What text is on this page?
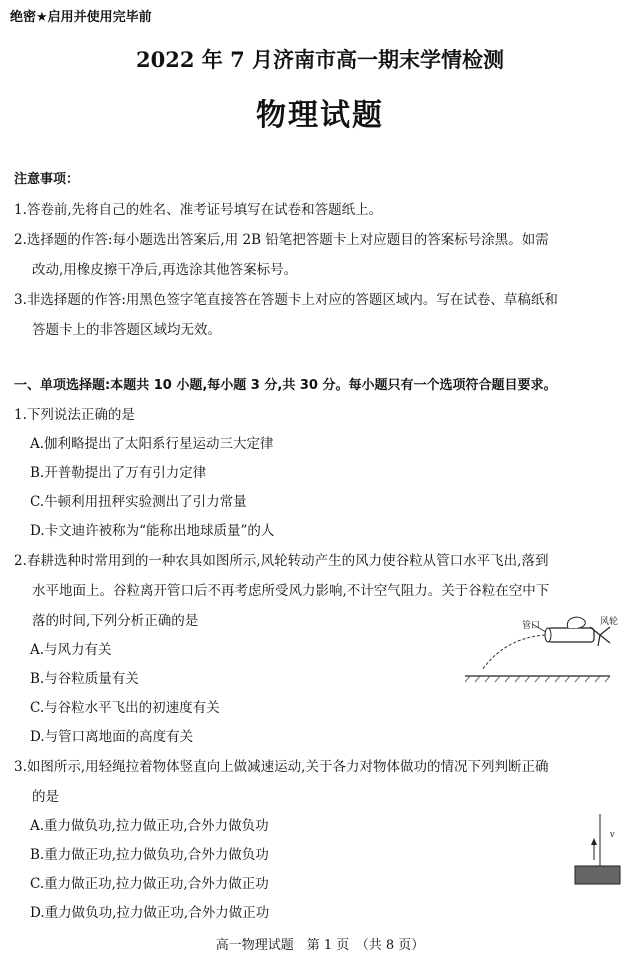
绝密★启用并使用完毕前
2022 年 7 月济南市高一期末学情检测
物理试题
注意事项：
1.答卷前,先将自己的姓名、准考证号填写在试卷和答题纸上。
2.选择题的作答:每小题选出答案后,用 2B 铅笔把答题卡上对应题目的答案标号涂黑。如需
改动,用橡皮擦干净后,再选涂其他答案标号。
3.非选择题的作答:用黑色签字笔直接答在答题卡上对应的答题区域内。写在试卷、草稿纸和
答题卡上的非答题区域均无效。
一、单项选择题:本题共 10 小题,每小题 3 分,共 30 分。每小题只有一个选项符合题目要求。
1.下列说法正确的是
A.伽利略提出了太阳系行星运动三大定律
B.开普勒提出了万有引力定律
C.牛顿利用扭秤实验测出了引力常量
D.卡文迪许被称为“能称出地球质量”的人
2.春耕选种时常用到的一种农具如图所示,风轮转动产生的风力使谷粒从管口水平飞出,落到
水平地面上。谷粒离开管口后不再考虑所受风力影响,不计空气阻力。关于谷粒在空中下
落的时间,下列分析正确的是
A.与风力有关
B.与谷粒质量有关
C.与谷粒水平飞出的初速度有关
D.与管口离地面的高度有关
管口	风轮
3.如图所示,用轻绳拉着物体竖直向上做减速运动,关于各力对物体做功的情况下列判断正确
的是
A.重力做负功,拉力做正功,合外力做负功
B.重力做正功,拉力做负功,合外力做负功
C.重力做正功,拉力做正功,合外力做正功
D.重力做负功,拉力做正功,合外力做正功
v
高一物理试题　第 1 页　（共 8 页）
